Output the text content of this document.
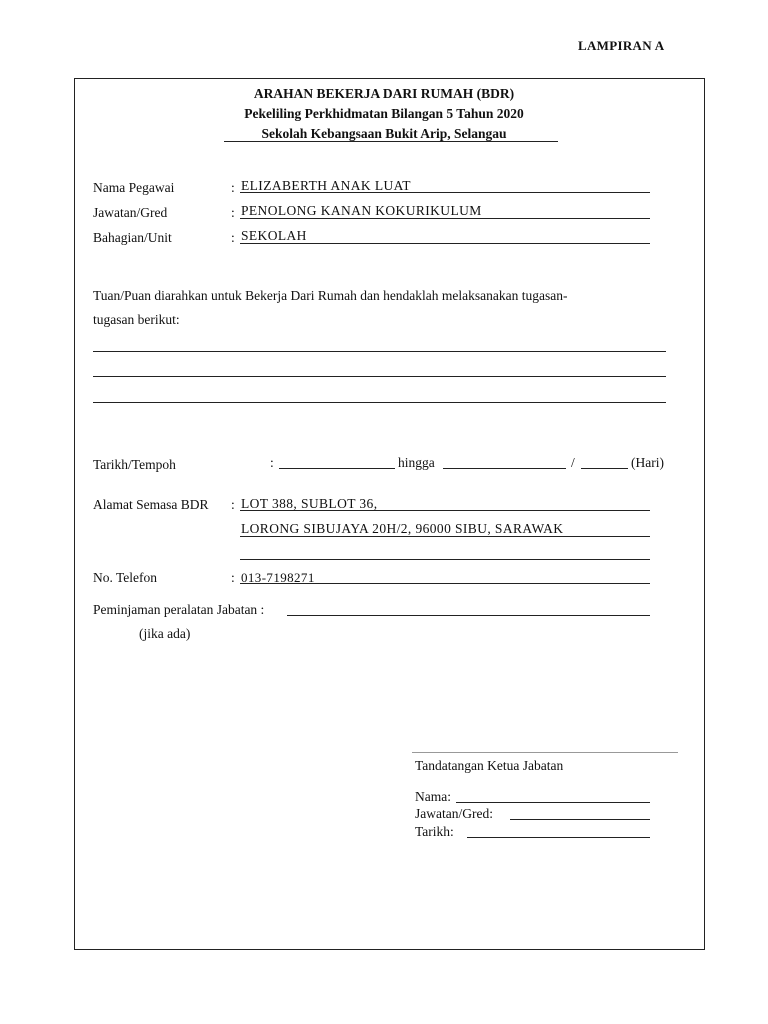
LAMPIRAN A
ARAHAN BEKERJA DARI RUMAH (BDR)
Pekeliling Perkhidmatan Bilangan 5 Tahun 2020
Sekolah Kebangsaan Bukit Arip, Selangau
Nama Pegawai	: ELIZABERTH ANAK LUAT
Jawatan/Gred	: PENOLONG KANAN KOKURIKULUM
Bahagian/Unit	: SEKOLAH
Tuan/Puan diarahkan untuk Bekerja Dari Rumah dan hendaklah melaksanakan tugasan-
tugasan berikut:
Tarikh/Tempoh	:	hingga	/	(Hari)
Alamat Semasa BDR : LOT 388, SUBLOT 36,
LORONG SIBUJAYA 20H/2, 96000 SIBU, SARAWAK
No. Telefon	: 013-7198271
Peminjaman peralatan Jabatan :
(jika ada)
Tandatangan Ketua Jabatan
Nama:
Jawatan/Gred:
Tarikh:
